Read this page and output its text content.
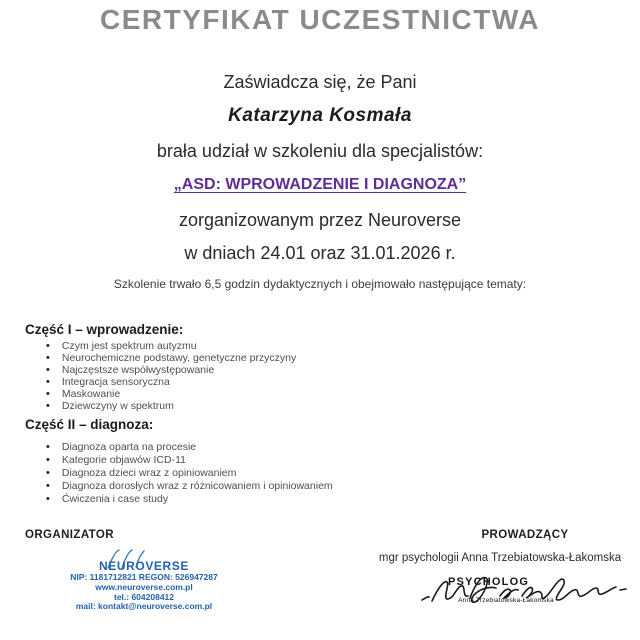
CERTYFIKAT UCZESTNICTWA
Zaświadcza się, że Pani
Katarzyna Kosmała
brała udział w szkoleniu dla specjalistów:
„ASD: WPROWADZENIE I DIAGNOZA”
zorganizowanym przez Neuroverse
w dniach 24.01 oraz 31.01.2026 r.
Szkolenie trwało 6,5 godzin dydaktycznych i obejmowało następujące tematy:
Część I – wprowadzenie:
• Czym jest spektrum autyzmu
• Neurochemiczne podstawy, genetyczne przyczyny
• Najczęstsze współwystępowanie
• Integracja sensoryczna
• Maskowanie
• Dziewczyny w spektrum
Część II – diagnoza:
• Diagnoza oparta na procesie
• Kategorie objawów ICD-11
• Diagnoza dzieci wraz z opiniowaniem
• Diagnoza dorosłych wraz z różnicowaniem i opiniowaniem
• Ćwiczenia i case study
ORGANIZATOR	PROWADZĄCY
mgr psychologii Anna Trzebiatowska-Łakomska
NEUROVERSE
NIP: 1181712821 REGON: 526947287
www.neuroverse.com.pl
tel.: 604208412
mail: kontakt@neuroverse.com.pl
PSYCHOLOG
Anna Trzebiatowska-Łakomska
